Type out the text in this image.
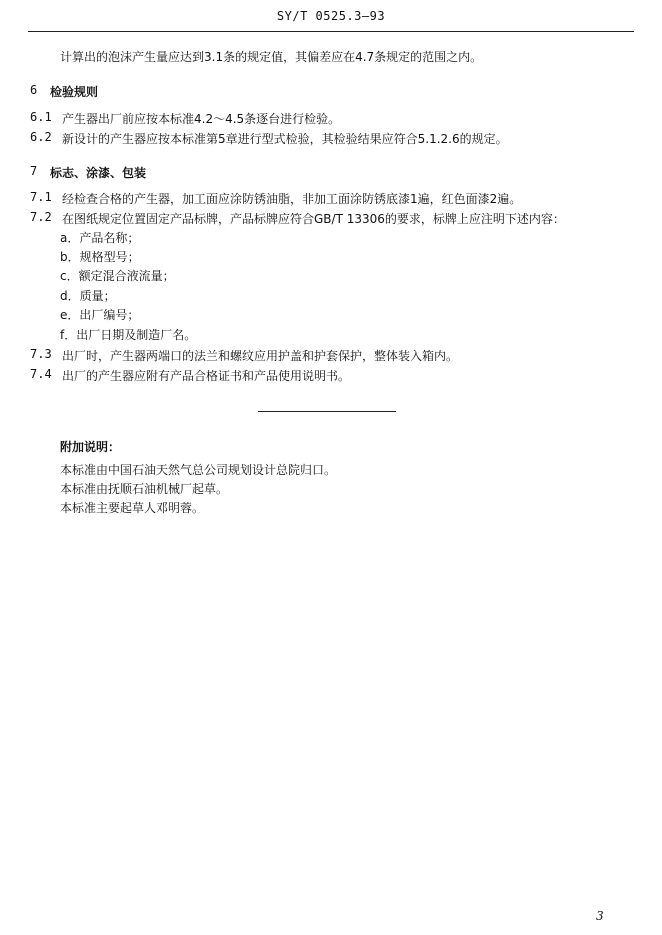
SY/T 0525.3—93
计算出的泡沫产生量应达到3.1条的规定值，其偏差应在4.7条规定的范围之内。
6 检验规则
6.1 产生器出厂前应按本标准4.2～4.5条逐台进行检验。
6.2 新设计的产生器应按本标准第5章进行型式检验，其检验结果应符合5.1.2.6的规定。
7 标志、涂漆、包装
7.1 经检查合格的产生器，加工面应涂防锈油脂，非加工面涂防锈底漆1遍，红色面漆2遍。
7.2 在图纸规定位置固定产品标牌，产品标牌应符合GB/T 13306的要求，标牌上应注明下述内容：
a．产品名称；
b．规格型号；
c．额定混合液流量；
d．质量；
e．出厂编号；
f．出厂日期及制造厂名。
7.3 出厂时，产生器两端口的法兰和螺纹应用护盖和护套保护，整体装入箱内。
7.4 出厂的产生器应附有产品合格证书和产品使用说明书。
附加说明：
本标准由中国石油天然气总公司规划设计总院归口。
本标准由抚顺石油机械厂起草。
本标准主要起草人邓明蓉。
3
